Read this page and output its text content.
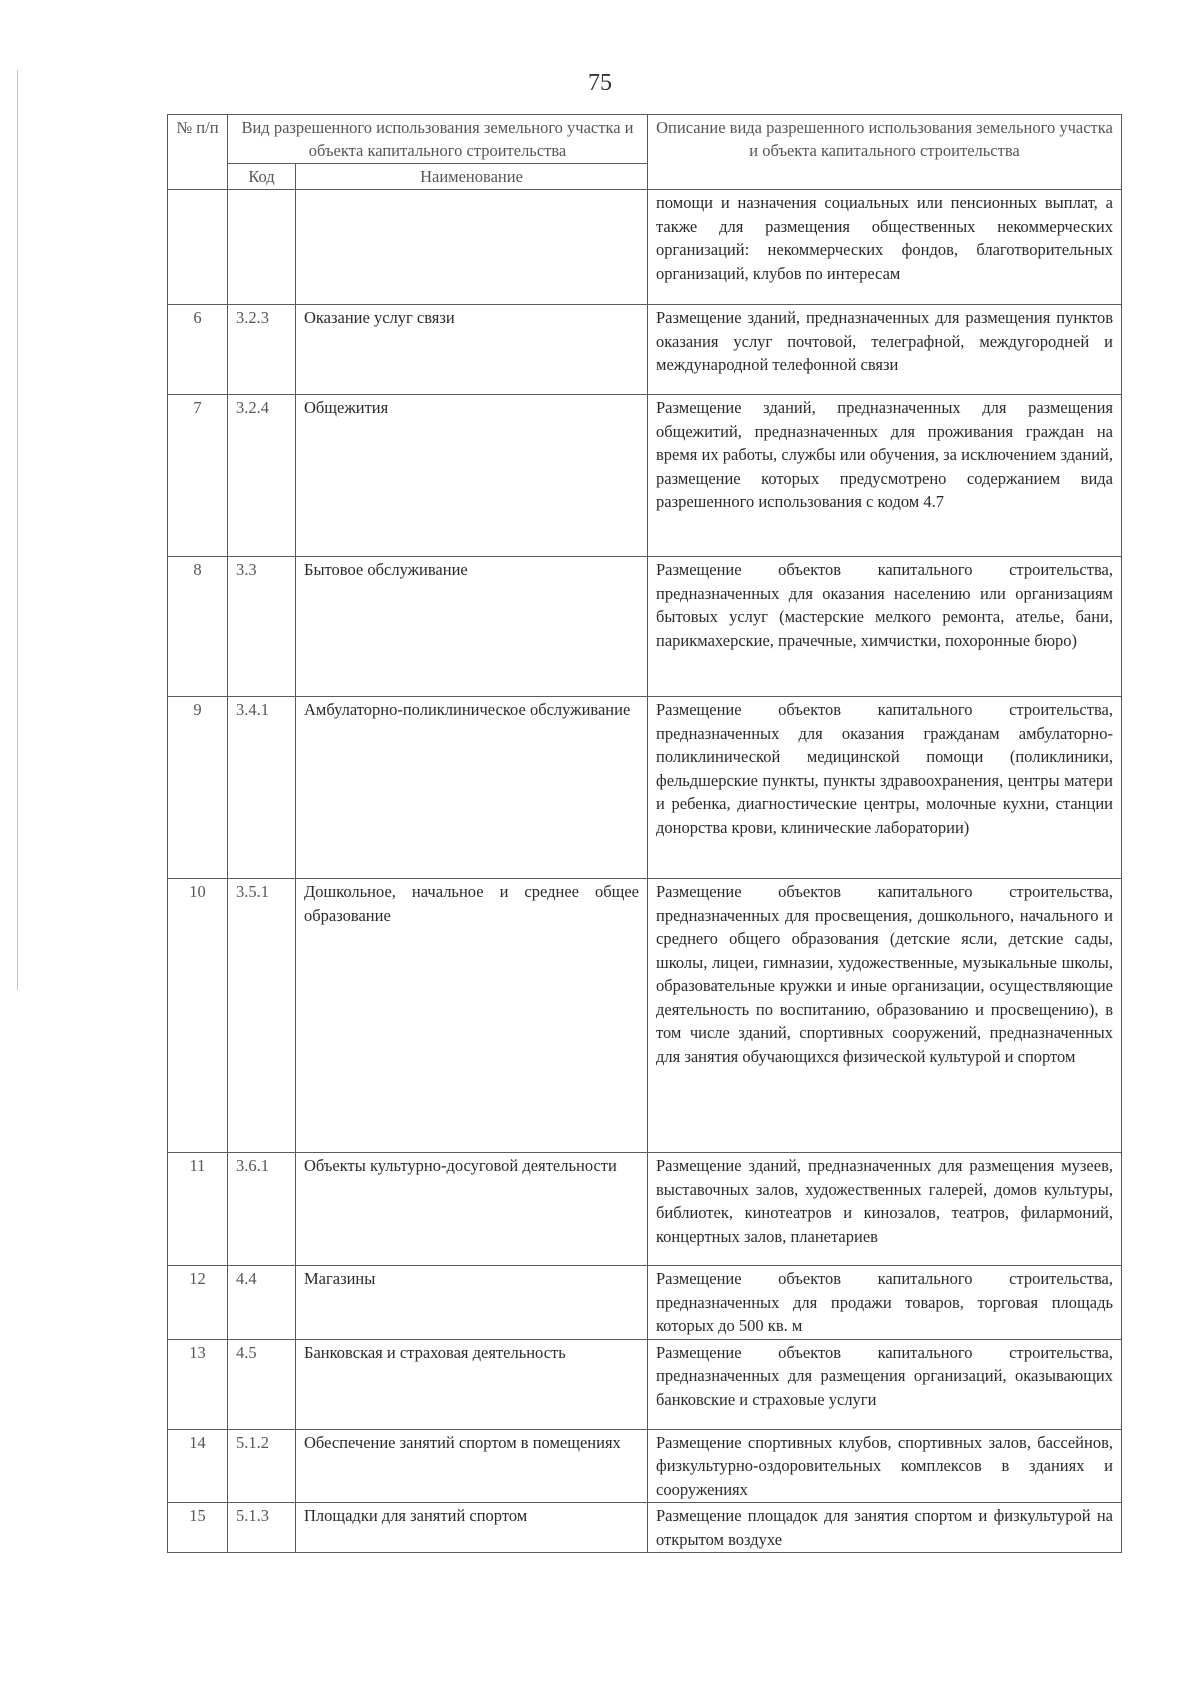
75
№ п/п	Вид разрешенного использования земельного участка и объекта капитального строительства		Описание вида разрешенного использования земельного участка и объекта капитального строительства
	Код	Наименование	
			помощи и назначения социальных или пенсионных выплат, а также для размещения общественных некоммерческих организаций: некоммерческих фондов, благотворительных организаций, клубов по интересам
6	3.2.3	Оказание услуг связи	Размещение зданий, предназначенных для размещения пунктов оказания услуг почтовой, телеграфной, междугородней и международной телефонной связи
7	3.2.4	Общежития	Размещение зданий, предназначенных для размещения общежитий, предназначенных для проживания граждан на время их работы, службы или обучения, за исключением зданий, размещение которых предусмотрено содержанием вида разрешенного использования с кодом 4.7
8	3.3	Бытовое обслуживание	Размещение объектов капитального строительства, предназначенных для оказания населению или организациям бытовых услуг (мастерские мелкого ремонта, ателье, бани, парикмахерские, прачечные, химчистки, похоронные бюро)
9	3.4.1	Амбулаторно-поликлиническое обслуживание	Размещение объектов капитального строительства, предназначенных для оказания гражданам амбулаторно-поликлинической медицинской помощи (поликлиники, фельдшерские пункты, пункты здравоохранения, центры матери и ребенка, диагностические центры, молочные кухни, станции донорства крови, клинические лаборатории)
10	3.5.1	Дошкольное, начальное и среднее общее образование	Размещение объектов капитального строительства, предназначенных для просвещения, дошкольного, начального и среднего общего образования (детские ясли, детские сады, школы, лицеи, гимназии, художественные, музыкальные школы, образовательные кружки и иные организации, осуществляющие деятельность по воспитанию, образованию и просвещению), в том числе зданий, спортивных сооружений, предназначенных для занятия обучающихся физической культурой и спортом
11	3.6.1	Объекты культурно-досуговой деятельности	Размещение зданий, предназначенных для размещения музеев, выставочных залов, художественных галерей, домов культуры, библиотек, кинотеатров и кинозалов, театров, филармоний, концертных залов, планетариев
12	4.4	Магазины	Размещение объектов капитального строительства, предназначенных для продажи товаров, торговая площадь которых до 500 кв. м
13	4.5	Банковская и страховая деятельность	Размещение объектов капитального строительства, предназначенных для размещения организаций, оказывающих банковские и страховые услуги
14	5.1.2	Обеспечение занятий спортом в помещениях	Размещение спортивных клубов, спортивных залов, бассейнов, физкультурно-оздоровительных комплексов в зданиях и сооружениях
15	5.1.3	Площадки для занятий спортом	Размещение площадок для занятия спортом и физкультурой на открытом воздухе
